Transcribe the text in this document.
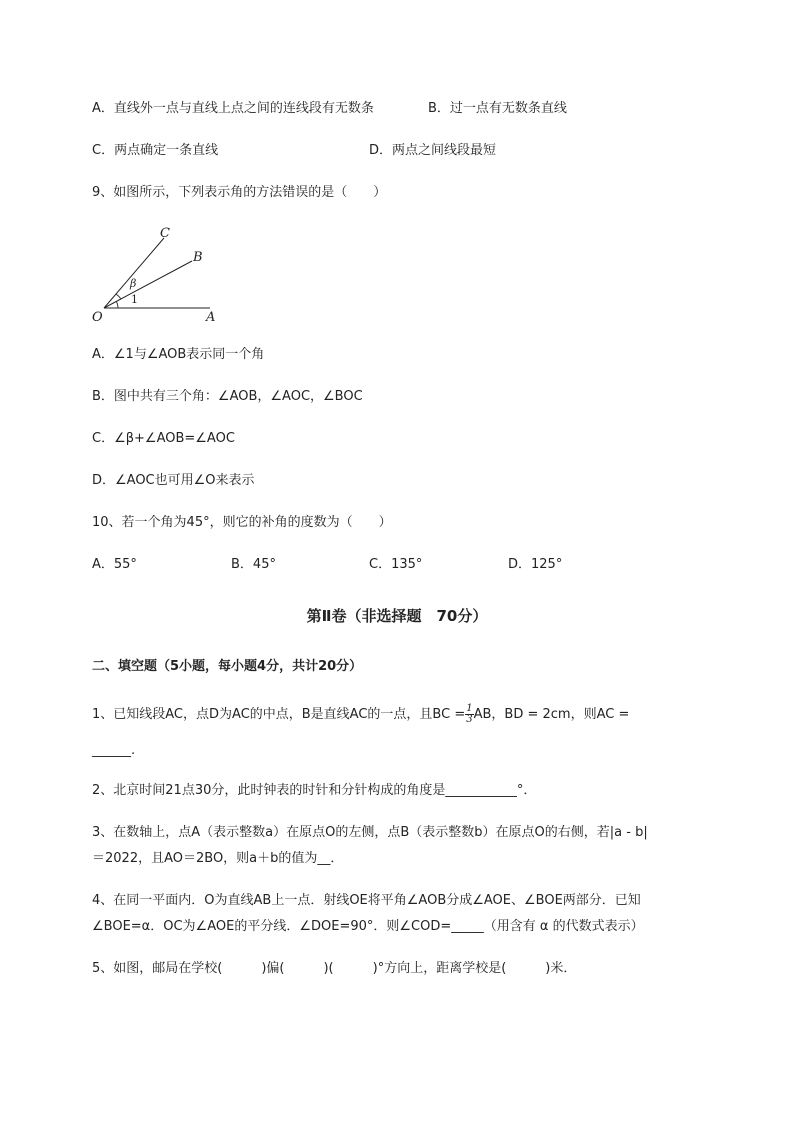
A．直线外一点与直线上点之间的连线段有无数条	B．过一点有无数条直线
C．两点确定一条直线	D．两点之间线段最短
9、如图所示，下列表示角的方法错误的是（　　）
C
B
O	A
β
1
A．∠1与∠AOB表示同一个角
B．图中共有三个角：∠AOB，∠AOC，∠BOC
C．∠β+∠AOB=∠AOC
D．∠AOC也可用∠O来表示
10、若一个角为45°，则它的补角的度数为（　　）
A．55°	B．45°	C．135°	D．125°
第Ⅱ卷（非选择题　70分）
二、填空题（5小题，每小题4分，共计20分）
1、已知线段AC，点D为AC的中点，B是直线AC的一点，且BC = $\frac{1}{3}$ AB，BD = 2cm，则AC =
______.
2、北京时间21点30分，此时钟表的时针和分针构成的角度是___________°．
3、在数轴上，点A（表示整数a）在原点O的左侧，点B（表示整数b）在原点O的右侧，若|a - b|
＝2022，且AO＝2BO，则a＋b的值为__．
4、在同一平面内．O为直线AB上一点．射线OE将平角∠AOB分成∠AOE、∠BOE两部分．已知
∠BOE=α．OC为∠AOE的平分线．∠DOE=90°．则∠COD=_____（用含有 α 的代数式表示）
5、如图，邮局在学校(　　　)偏(　　　)(　　　)°方向上，距离学校是(　　　)米．
